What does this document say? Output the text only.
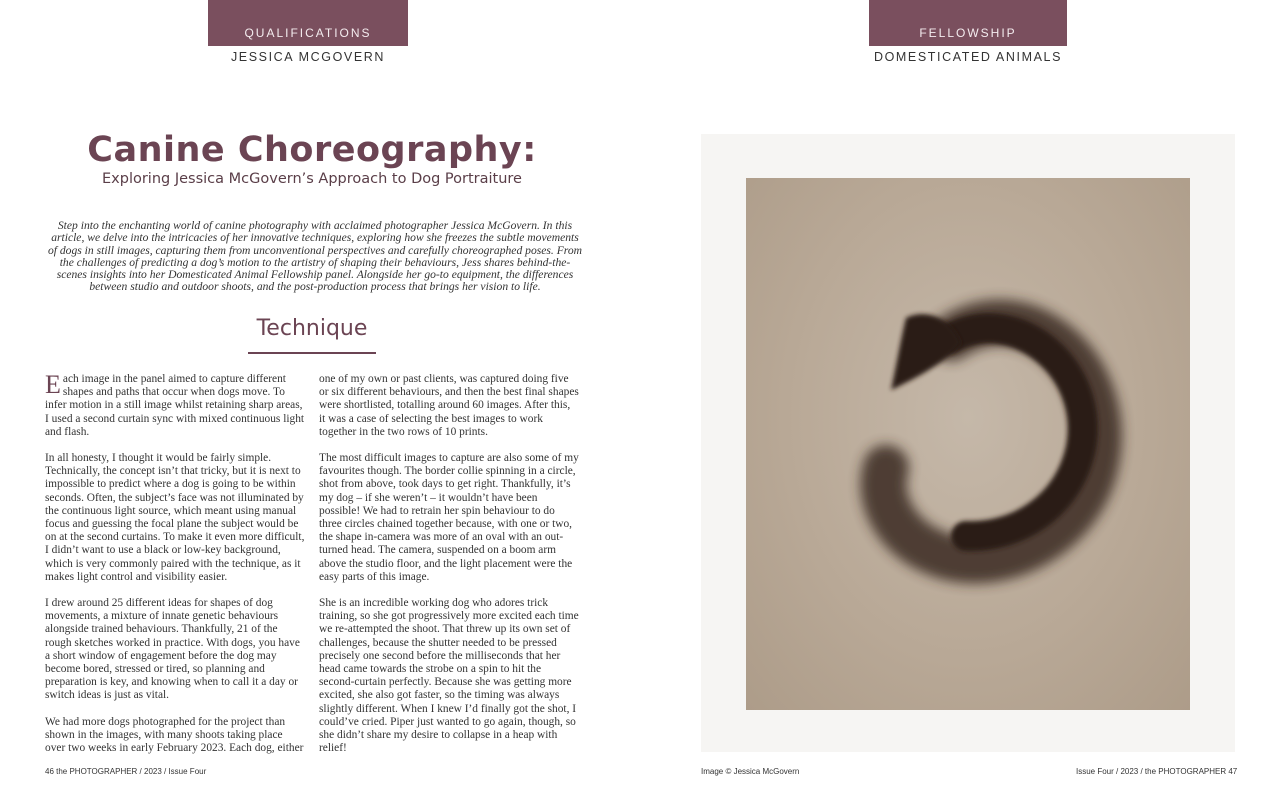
QUALIFICATIONS
JESSICA MCGOVERN
FELLOWSHIP
DOMESTICATED ANIMALS
Canine Choreography:
Exploring Jessica McGovern’s Approach to Dog Portraiture
Step into the enchanting world of canine photography with acclaimed photographer Jessica McGovern. In this article, we delve into the intricacies of her innovative techniques, exploring how she freezes the subtle movements of dogs in still images, capturing them from unconventional perspectives and carefully choreographed poses. From the challenges of predicting a dog’s motion to the artistry of shaping their behaviours, Jess shares behind-the-scenes insights into her Domesticated Animal Fellowship panel. Alongside her go-to equipment, the differences between studio and outdoor shoots, and the post-production process that brings her vision to life.
Technique

Each image in the panel aimed to capture different shapes and paths that occur when dogs move. To infer motion in a still image whilst retaining sharp areas, I used a second curtain sync with mixed continuous light and flash.

In all honesty, I thought it would be fairly simple. Technically, the concept isn’t that tricky, but it is next to impossible to predict where a dog is going to be within seconds. Often, the subject’s face was not illuminated by the continuous light source, which meant using manual focus and guessing the focal plane the subject would be on at the second curtains. To make it even more difficult, I didn’t want to use a black or low-key background, which is very commonly paired with the technique, as it makes light control and visibility easier.

I drew around 25 different ideas for shapes of dog movements, a mixture of innate genetic behaviours alongside trained behaviours. Thankfully, 21 of the rough sketches worked in practice. With dogs, you have a short window of engagement before the dog may become bored, stressed or tired, so planning and preparation is key, and knowing when to call it a day or switch ideas is just as vital.

We had more dogs photographed for the project than shown in the images, with many shoots taking place over two weeks in early February 2023. Each dog, either

one of my own or past clients, was captured doing five or six different behaviours, and then the best final shapes were shortlisted, totalling around 60 images. After this, it was a case of selecting the best images to work together in the two rows of 10 prints.

The most difficult images to capture are also some of my favourites though. The border collie spinning in a circle, shot from above, took days to get right. Thankfully, it’s my dog – if she weren’t – it wouldn’t have been possible! We had to retrain her spin behaviour to do three circles chained together because, with one or two, the shape in-camera was more of an oval with an out-turned head. The camera, suspended on a boom arm above the studio floor, and the light placement were the easy parts of this image.

She is an incredible working dog who adores trick training, so she got progressively more excited each time we re-attempted the shoot. That threw up its own set of challenges, because the shutter needed to be pressed precisely one second before the milliseconds that her head came towards the strobe on a spin to hit the second-curtain perfectly. Because she was getting more excited, she also got faster, so the timing was always slightly different. When I knew I’d finally got the shot, I could’ve cried. Piper just wanted to go again, though, so she didn’t share my desire to collapse in a heap with relief!

46 the PHOTOGRAPHER / 2023 / Issue Four	Image © Jessica McGovern	Issue Four / 2023 / the PHOTOGRAPHER 47
